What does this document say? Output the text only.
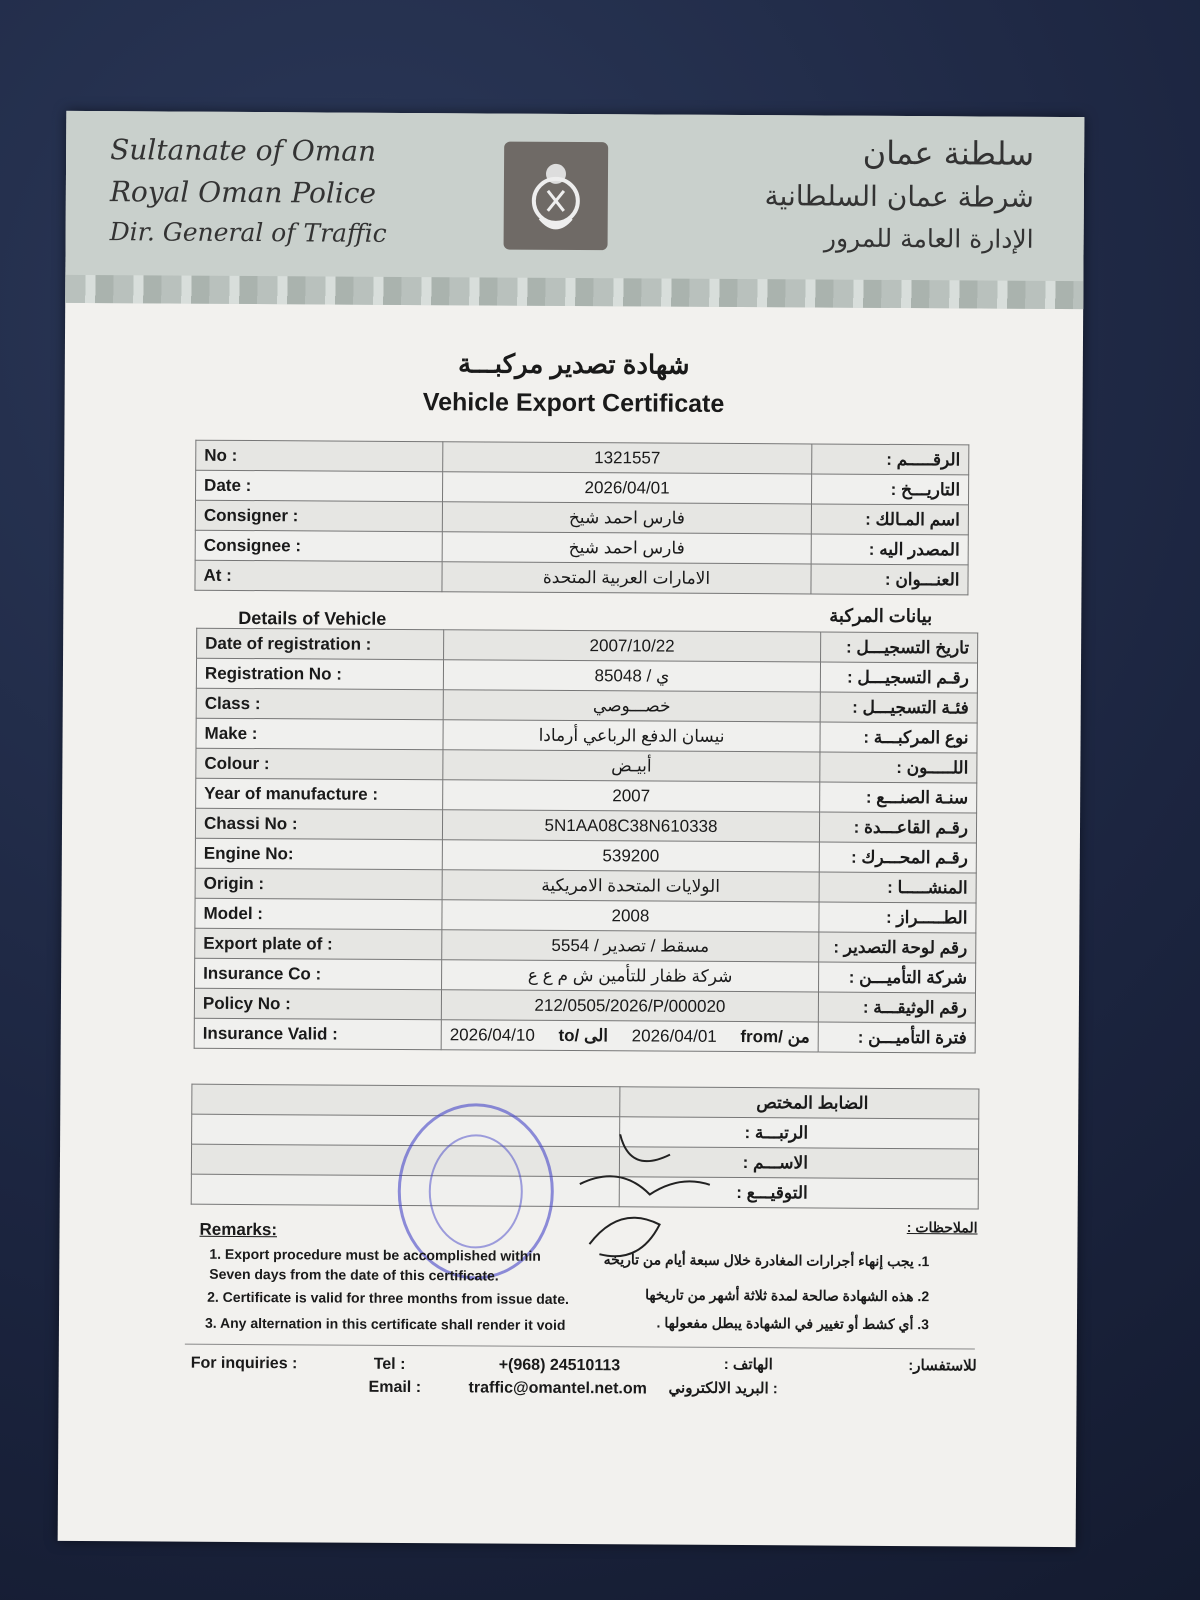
Sultanate of Oman
Royal Oman Police
Dir. General of Traffic
سلطنة عمان
شرطة عمان السلطانية
الإدارة العامة للمرور
شهادة تصدير مركبـــة
Vehicle Export Certificate
No :	1321557	الرقـــــم :
Date :	2026/04/01	التاريـــخ :
Consigner :	فارس احمد شيخ	اسم المـالك :
Consignee :	فارس احمد شيخ	المصدر اليه :
At :	الامارات العربية المتحدة	العنـــوان :
Details of Vehicle	بيانات المركبة
Date of registration :	2007/10/22	تاريخ التسجيـــل :
Registration No :	ي / 85048	رقـم التسجيـــل :
Class :	خصـــوصي	فئـة التسجيـــل :
Make :	نيسان الدفع الرباعي أرمادا	نوع المركبـــة :
Colour :	أبيـض	اللـــــون :
Year of manufacture :	2007	سنـة الصنـــع :
Chassi No :	5N1AA08C38N610338	رقـم القاعـــدة :
Engine No:	539200	رقـم المحـــرك :
Origin :	الولايات المتحدة الامريكية	المنشـــــا :
Model :	2008	الطـــــراز :
Export plate of :	مسقط / تصدير / 5554	رقم لوحة التصدير :
Insurance Co :	شركة ظفار للتأمين ش م ع ع	شركة التأميـــن :
Policy No :	212/0505/2026/P/000020	رقم الوثيقـــة :
Insurance Valid :	2026/04/10 to/ الى 2026/04/01 from/ من	فترة التأميـــن :
	الضابط المختص
	الرتبـــة :
	الاســـم :
	التوقيـــع :
Remarks:	الملاحظات :
1. Export procedure must be accomplished within Seven days from the date of this certificate.
2. Certificate is valid for three months from issue date.
3. Any alternation in this certificate shall render it void
1. يجب إنهاء أجرارات المغادرة خلال سبعة أيام من تاريخه
2. هذه الشهادة صالحة لمدة ثلاثة أشهر من تاريخها
3. أي كشط أو تغيير في الشهادة يبطل مفعولها .
For inquiries :	Tel :	+(968) 24510113	الهاتف :	للاستفسار:
Email :	traffic@omantel.net.om : البريد الالكتروني
